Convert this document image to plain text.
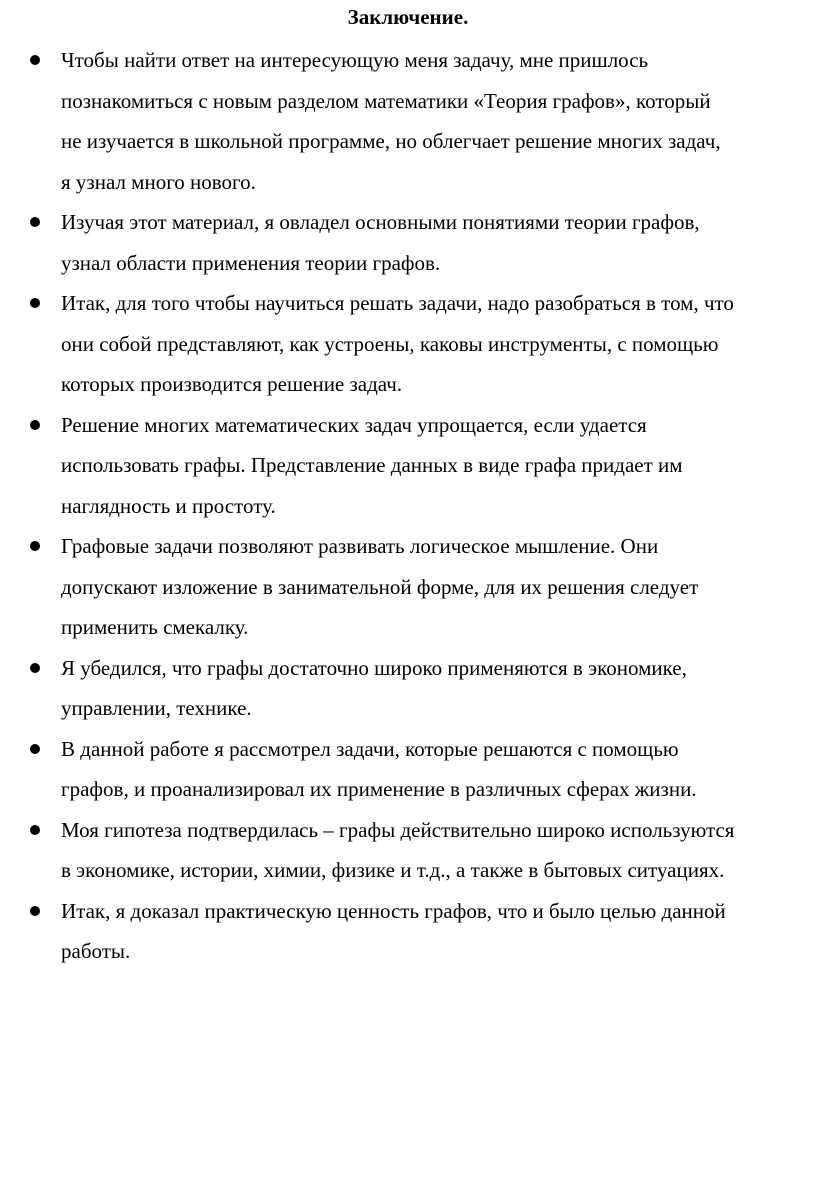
Заключение.
Чтобы найти ответ на интересующую меня задачу, мне пришлось
познакомиться с новым разделом математики «Теория графов», который
не изучается в школьной программе, но облегчает решение многих задач,
я узнал много нового.
Изучая этот материал, я овладел основными понятиями теории графов,
узнал области применения теории графов.
Итак, для того чтобы научиться решать задачи, надо разобраться в том, что
они собой представляют, как устроены, каковы инструменты, с помощью
которых производится решение задач.
Решение многих математических задач упрощается, если удается
использовать графы. Представление данных в виде графа придает им
наглядность и простоту.
Графовые задачи позволяют развивать логическое мышление. Они
допускают изложение в занимательной форме, для их решения следует
применить смекалку.
Я убедился, что графы достаточно широко применяются в экономике,
управлении, технике.
В данной работе я рассмотрел задачи, которые решаются с помощью
графов, и проанализировал их применение в различных сферах жизни.
Моя гипотеза подтвердилась – графы действительно широко используются
в экономике, истории, химии, физике и т.д., а также в бытовых ситуациях.
Итак, я доказал практическую ценность графов, что и было целью данной
работы.
